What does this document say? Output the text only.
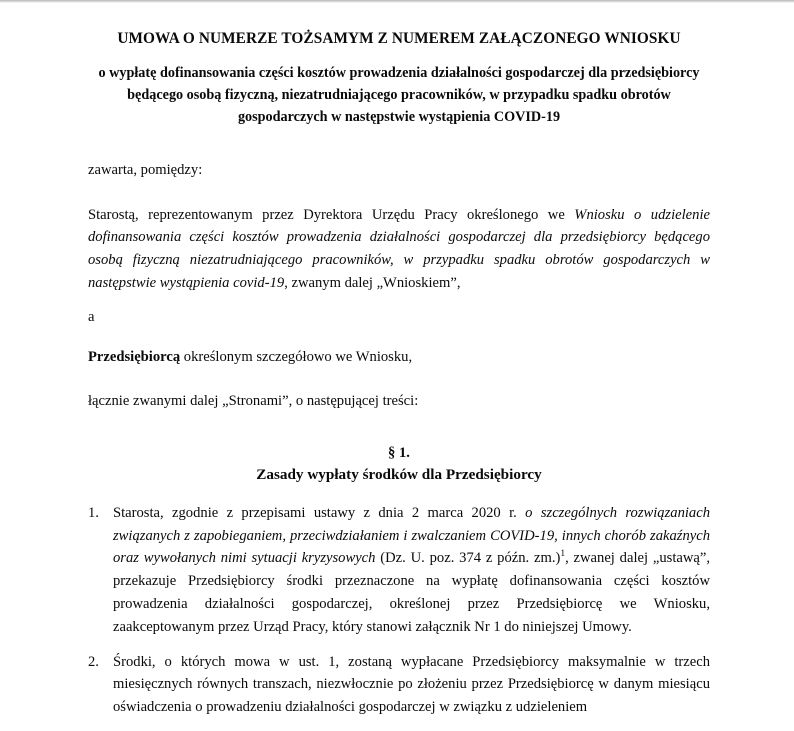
UMOWA O NUMERZE TOŻSAMYM Z NUMEREM ZAŁĄCZONEGO WNIOSKU
o wypłatę dofinansowania części kosztów prowadzenia działalności gospodarczej dla przedsiębiorcy będącego osobą fizyczną, niezatrudniającego pracowników, w przypadku spadku obrotów gospodarczych w następstwie wystąpienia COVID-19

zawarta, pomiędzy:

Starostą, reprezentowanym przez Dyrektora Urzędu Pracy określonego we Wniosku o udzielenie dofinansowania części kosztów prowadzenia działalności gospodarczej dla przedsiębiorcy będącego osobą fizyczną niezatrudniającego pracowników, w przypadku spadku obrotów gospodarczych w następstwie wystąpienia covid-19, zwanym dalej „Wnioskiem”,

a

Przedsiębiorcą określonym szczegółowo we Wniosku,

łącznie zwanymi dalej „Stronami”, o następującej treści:

§ 1.

Zasady wypłaty środków dla Przedsiębiorcy

1. Starosta, zgodnie z przepisami ustawy z dnia 2 marca 2020 r. o szczególnych rozwiązaniach związanych z zapobieganiem, przeciwdziałaniem i zwalczaniem COVID-19, innych chorób zakaźnych oraz wywołanych nimi sytuacji kryzysowych (Dz. U. poz. 374 z późn. zm.)$^1$, zwanej dalej „ustawą”, przekazuje Przedsiębiorcy środki przeznaczone na wypłatę dofinansowania części kosztów prowadzenia działalności gospodarczej, określonej przez Przedsiębiorcę we Wniosku, zaakceptowanym przez Urząd Pracy, który stanowi załącznik Nr 1 do niniejszej Umowy.
2. Środki, o których mowa w ust. 1, zostaną wypłacane Przedsiębiorcy maksymalnie w trzech miesięcznych równych transzach, niezwłocznie po złożeniu przez Przedsiębiorcę w danym miesiącu oświadczenia o prowadzeniu działalności gospodarczej w związku z udzieleniem
